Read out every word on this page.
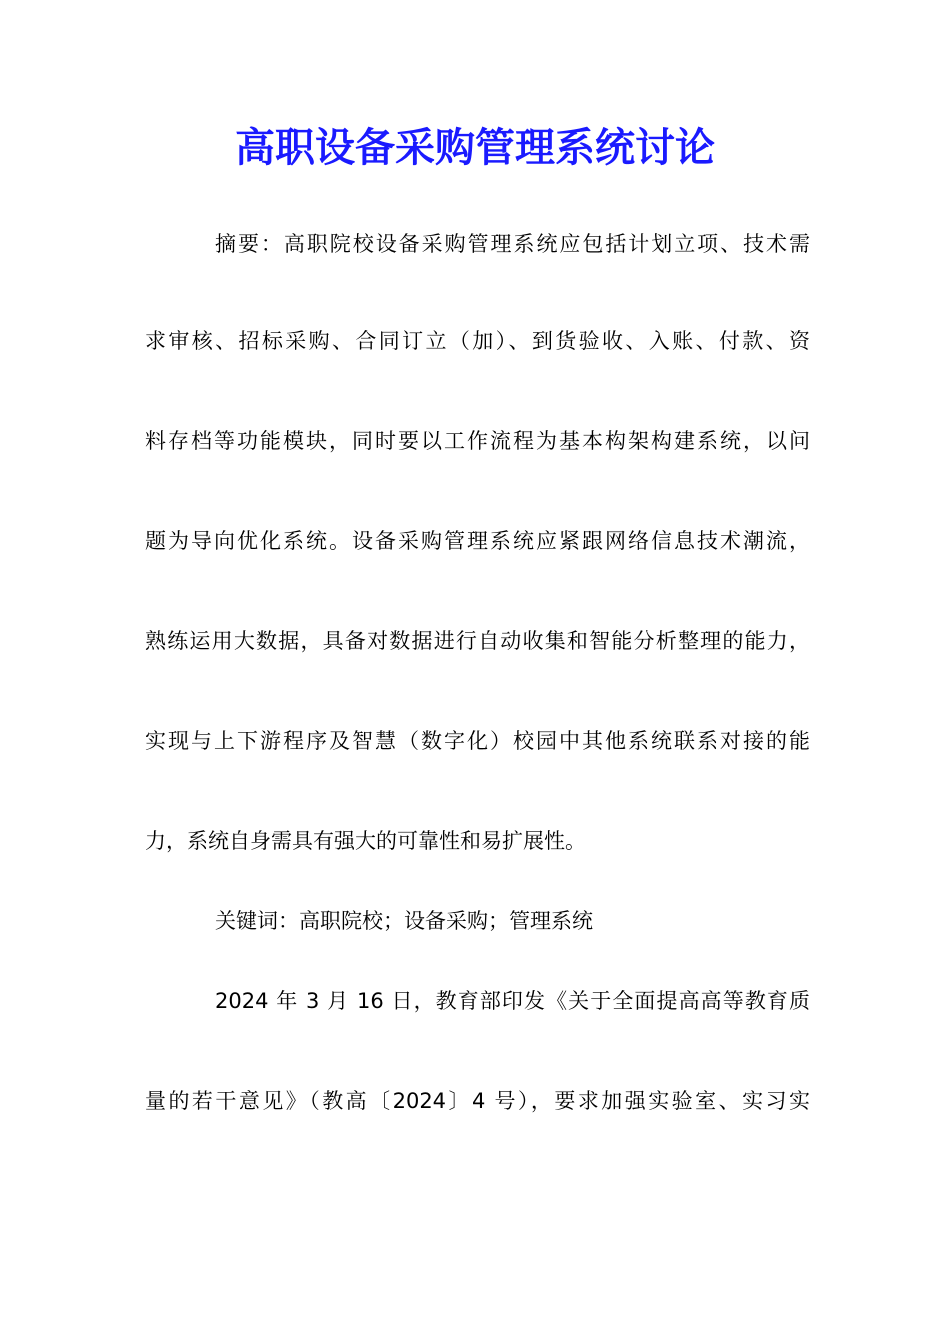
高职设备采购管理系统讨论
摘要：高职院校设备采购管理系统应包括计划立项、技术需
求审核、招标采购、合同订立（加）、到货验收、入账、付款、资
料存档等功能模块，同时要以工作流程为基本构架构建系统，以问
题为导向优化系统。设备采购管理系统应紧跟网络信息技术潮流，
熟练运用大数据，具备对数据进行自动收集和智能分析整理的能力，
实现与上下游程序及智慧（数字化）校园中其他系统联系对接的能
力，系统自身需具有强大的可靠性和易扩展性。
关键词：高职院校；设备采购；管理系统
2024 年 3 月 16 日，教育部印发《关于全面提高高等教育质
量的若干意见》（教高〔2024〕4 号），要求加强实验室、实习实
